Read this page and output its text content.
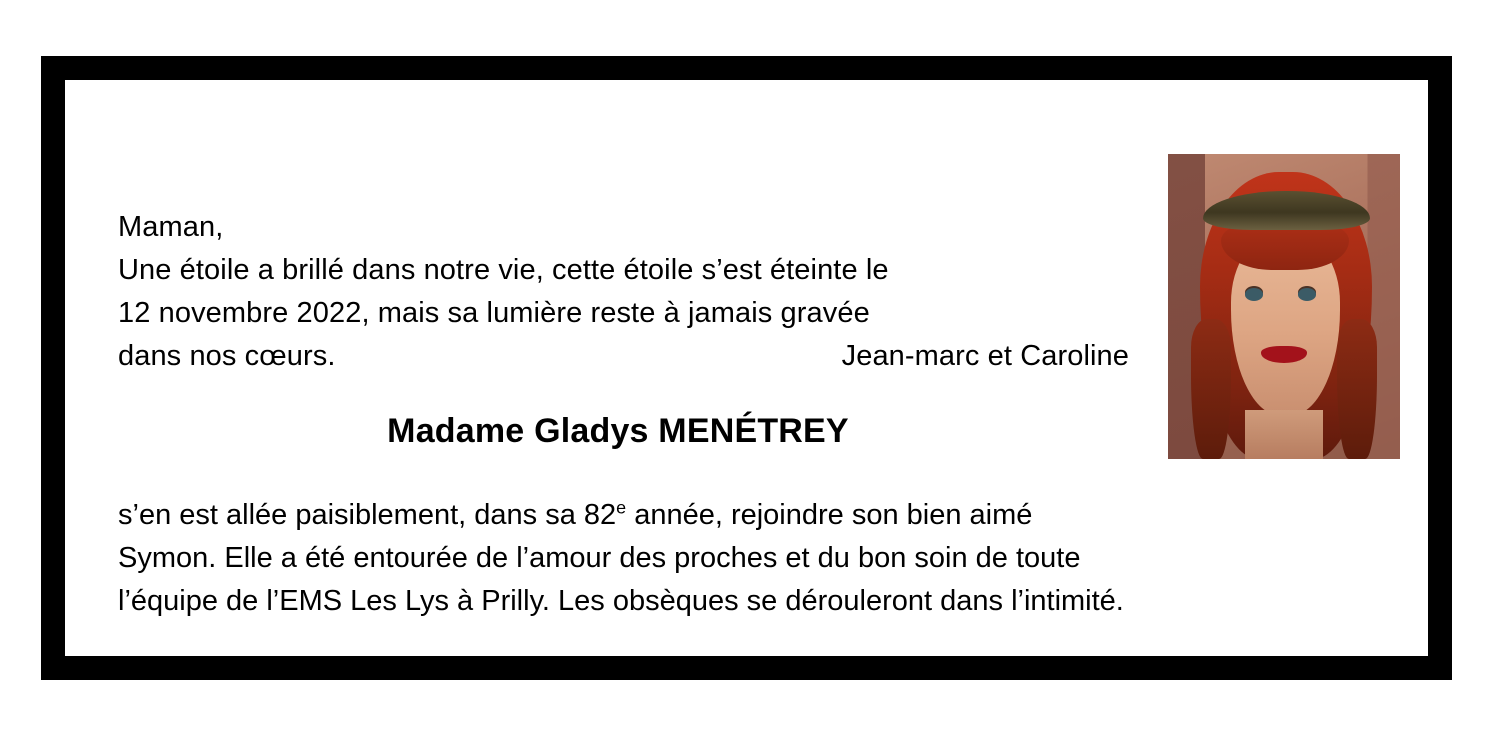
Maman,
Une étoile a brillé dans notre vie, cette étoile s’est éteinte le
12 novembre 2022, mais sa lumière reste à jamais gravée
dans nos cœurs.	Jean-marc et Caroline
Madame Gladys MENÉTREY
s’en est allée paisiblement, dans sa 82e année, rejoindre son bien aimé
Symon. Elle a été entourée de l’amour des proches et du bon soin de toute
l’équipe de l’EMS Les Lys à Prilly. Les obsèques se dérouleront dans l’intimité.
